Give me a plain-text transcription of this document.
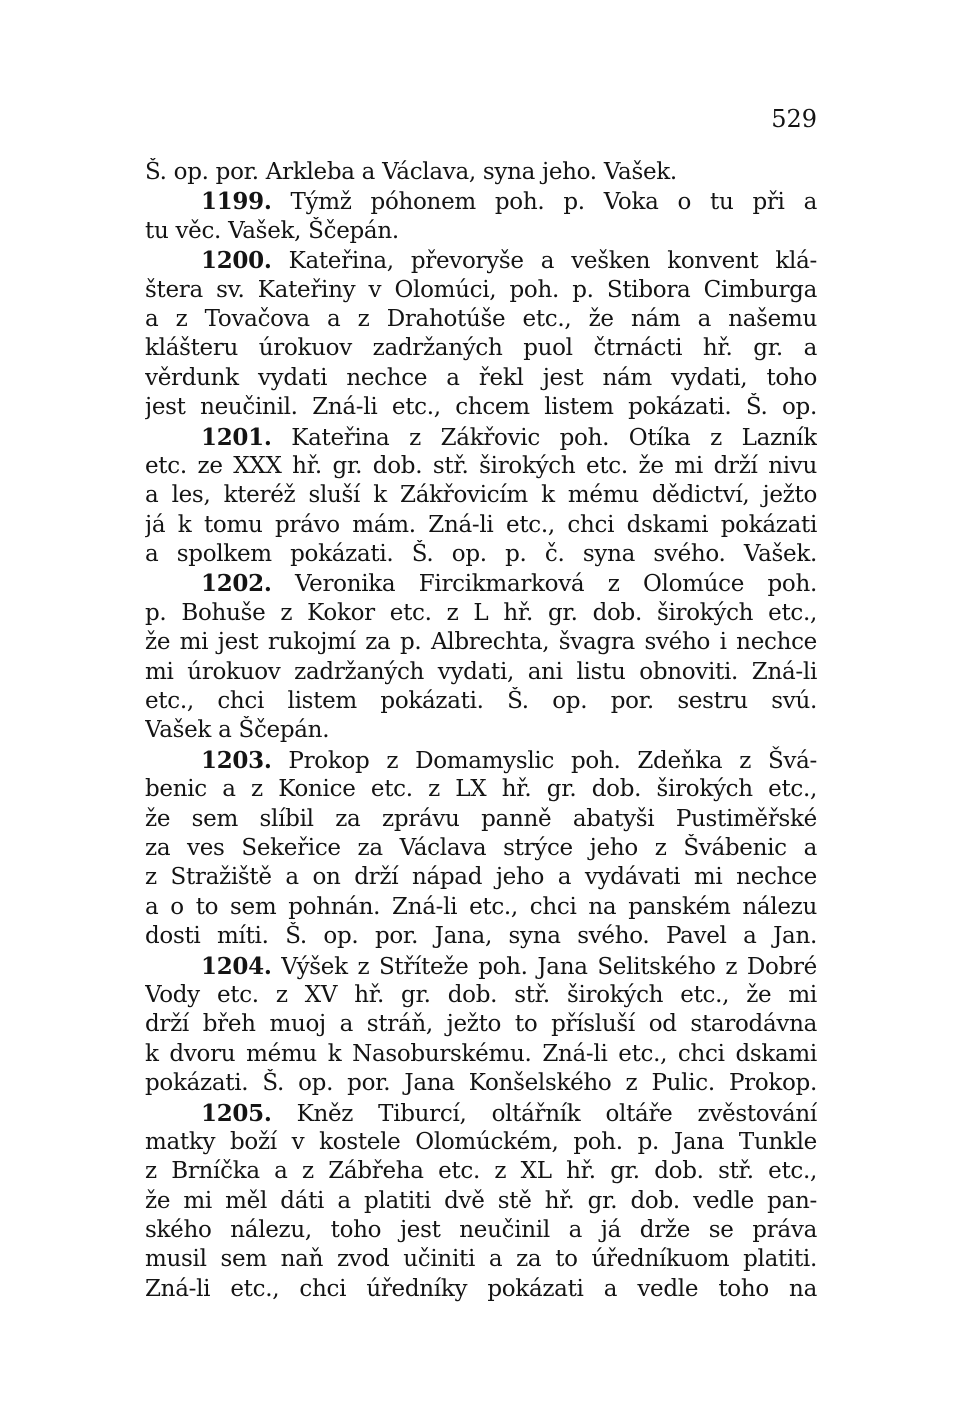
529
Š. op. por. Arkleba a Václava, syna jeho. Vašek.
1199. Týmž póhonem poh. p. Voka o tu při a
tu věc. Vašek, Ščepán.
1200. Kateřina, převoryše a vešken konvent klá-
štera sv. Kateřiny v Olomúci, poh. p. Stibora Cimburga
a z Tovačova a z Drahotúše etc., že nám a našemu
klášteru úrokuov zadržaných puol čtrnácti hř. gr. a
věrdunk vydati nechce a řekl jest nám vydati, toho
jest neučinil. Zná-li etc., chcem listem pokázati. Š. op.
1201. Kateřina z Zákřovic poh. Otíka z Lazník
etc. ze XXX hř. gr. dob. stř. širokých etc. že mi drží nivu
a les, kteréž sluší k Zákřovicím k mému dědictví, ježto
já k tomu právo mám. Zná-li etc., chci dskami pokázati
a spolkem pokázati. Š. op. p. č. syna svého. Vašek.
1202. Veronika Fircikmarková z Olomúce poh.
p. Bohuše z Kokor etc. z L hř. gr. dob. širokých etc.,
že mi jest rukojmí za p. Albrechta, švagra svého i nechce
mi úrokuov zadržaných vydati, ani listu obnoviti. Zná-li
etc., chci listem pokázati. Š. op. por. sestru svú.
Vašek a Ščepán.
1203. Prokop z Domamyslic poh. Zdeňka z Švá-
benic a z Konice etc. z LX hř. gr. dob. širokých etc.,
že sem slíbil za zprávu panně abatyši Pustiměřské
za ves Sekeřice za Václava strýce jeho z Švábenic a
z Stražiště a on drží nápad jeho a vydávati mi nechce
a o to sem pohnán. Zná-li etc., chci na panském nálezu
dosti míti. Š. op. por. Jana, syna svého. Pavel a Jan.
1204. Výšek z Stříteže poh. Jana Selitského z Dobré
Vody etc. z XV hř. gr. dob. stř. širokých etc., že mi
drží břeh muoj a stráň, ježto to přísluší od starodávna
k dvoru mému k Nasoburskému. Zná-li etc., chci dskami
pokázati. Š. op. por. Jana Konšelského z Pulic. Prokop.
1205. Kněz Tiburcí, oltářník oltáře zvěstování
matky boží v kostele Olomúckém, poh. p. Jana Tunkle
z Brníčka a z Zábřeha etc. z XL hř. gr. dob. stř. etc.,
že mi měl dáti a platiti dvě stě hř. gr. dob. vedle pan-
ského nálezu, toho jest neučinil a já drže se práva
musil sem naň zvod učiniti a za to úředníkuom platiti.
Zná-li etc., chci úředníky pokázati a vedle toho na
